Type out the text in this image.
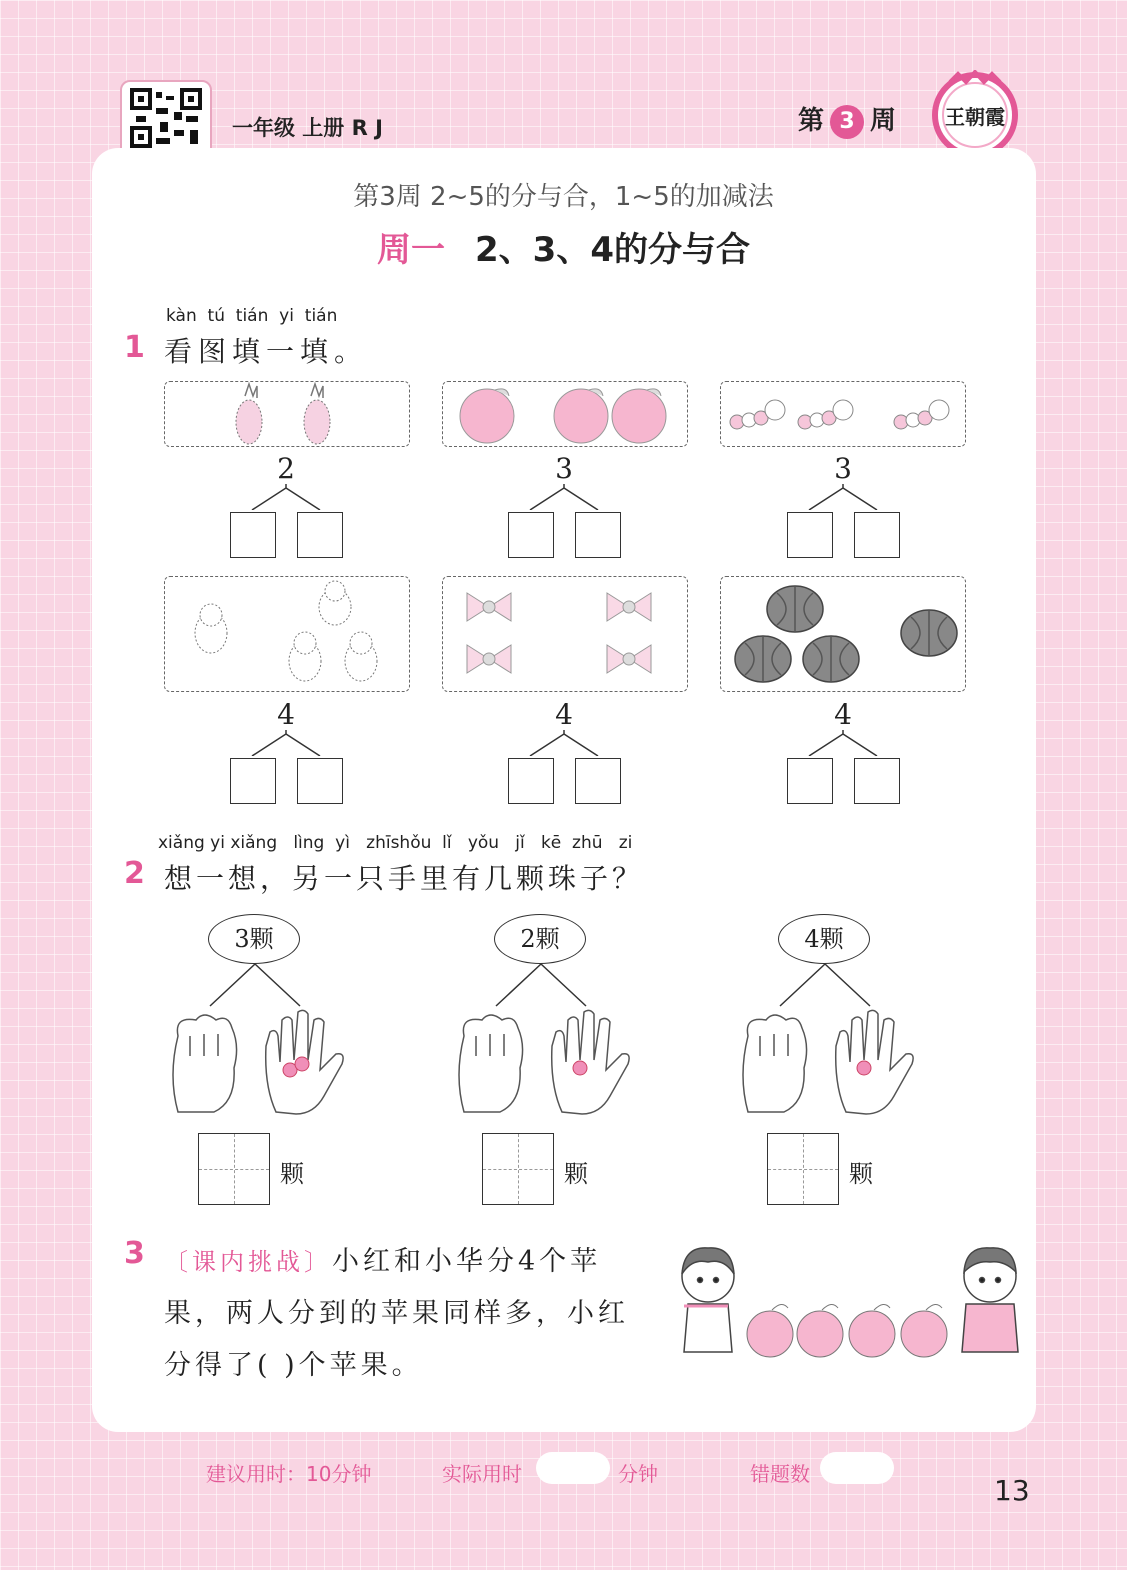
一年级 上册 R J	第 3 周 王朝霞
第3周 2~5的分与合，1~5的加减法
周一 2、3、4的分与合
1
kàn  tú  tián  yi  tián
看图填一填。
2	3	3
4	4	4
2
xiǎng yi xiǎng   lìng  yì   zhīshǒu  lǐ   yǒu   jǐ   kē  zhū   zi
想一想，另一只手里有几颗珠子？
3颗
颗
2颗
颗
4颗
颗
3 〔课内挑战〕小红和小华分4个苹
果，两人分到的苹果同样多，小红
分得了( )个苹果。
建议用时：10分钟	实际用时	分钟	错题数	13
